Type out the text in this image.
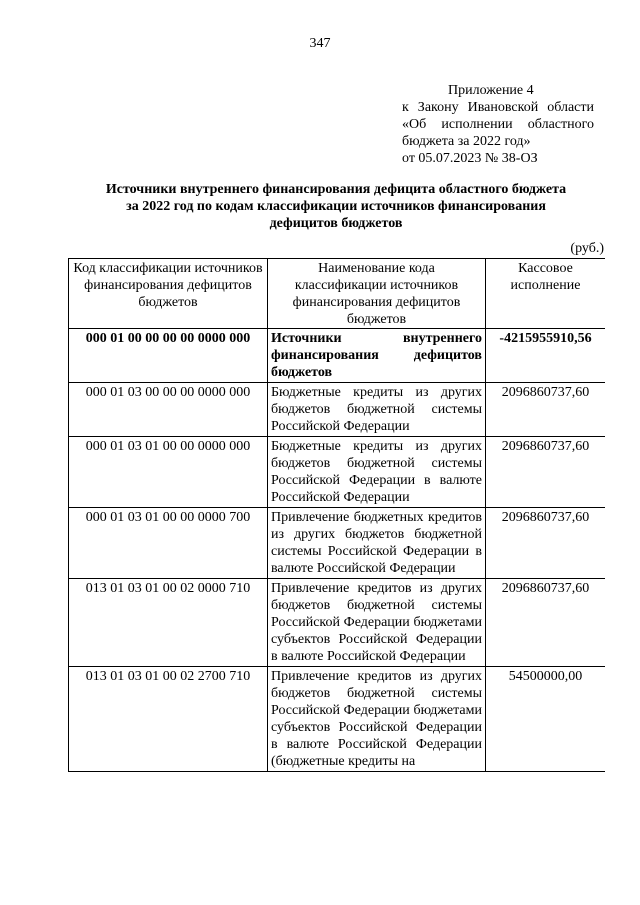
347
Приложение 4
к Закону Ивановской области
«Об исполнении областного
бюджета за 2022 год»
от 05.07.2023 № 38-ОЗ
Источники внутреннего финансирования дефицита областного бюджета
за 2022 год по кодам классификации источников финансирования
дефицитов бюджетов
(руб.)
Код классификации источников финансирования дефицитов бюджетов	Наименование кода классификации источников финансирования дефицитов бюджетов	Кассовое исполнение
000 01 00 00 00 00 0000 000	Источники внутреннего финансирования дефицитов бюджетов	-4215955910,56
000 01 03 00 00 00 0000 000	Бюджетные кредиты из других бюджетов бюджетной системы Российской Федерации	2096860737,60
000 01 03 01 00 00 0000 000	Бюджетные кредиты из других бюджетов бюджетной системы Российской Федерации в валюте Российской Федерации	2096860737,60
000 01 03 01 00 00 0000 700	Привлечение бюджетных кредитов из других бюджетов бюджетной системы Российской Федерации в валюте Российской Федерации	2096860737,60
013 01 03 01 00 02 0000 710	Привлечение кредитов из других бюджетов бюджетной системы Российской Федерации бюджетами субъектов Российской Федерации в валюте Российской Федерации	2096860737,60
013 01 03 01 00 02 2700 710	Привлечение кредитов из других бюджетов бюджетной системы Российской Федерации бюджетами субъектов Российской Федерации в валюте Российской Федерации (бюджетные кредиты на	54500000,00
